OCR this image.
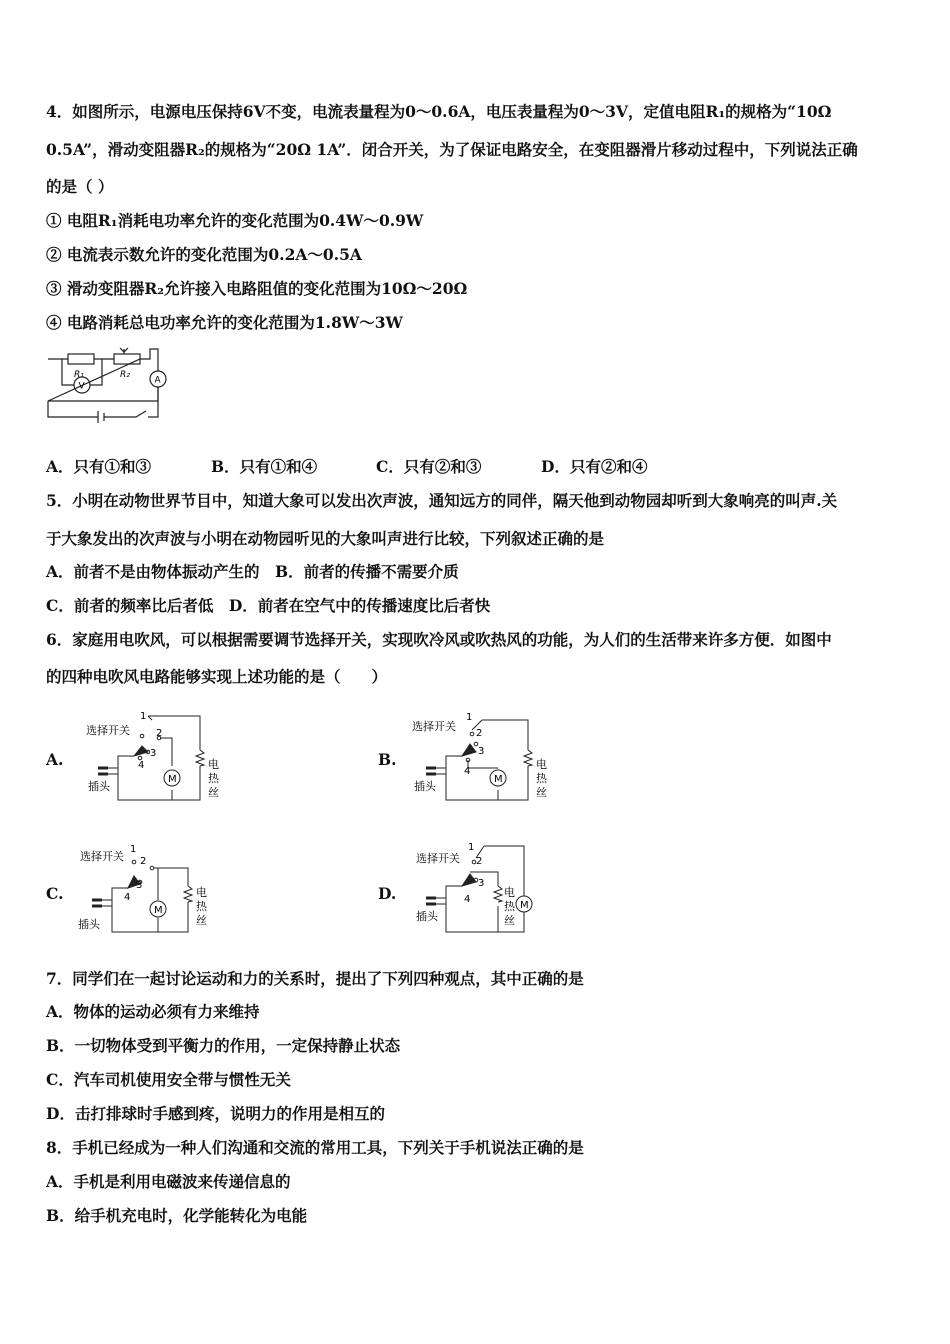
4．如图所示，电源电压保持6V不变，电流表量程为0～0.6A，电压表量程为0～3V，定值电阻R₁的规格为“10Ω
0.5A”，滑动变阻器R₂的规格为“20Ω 1A”．闭合开关，为了保证电路安全，在变阻器滑片移动过程中，下列说法正确
的是（ ）
① 电阻R₁消耗电功率允许的变化范围为0.4W～0.9W
② 电流表示数允许的变化范围为0.2A～0.5A
③ 滑动变阻器R₂允许接入电路阻值的变化范围为10Ω～20Ω
④ 电路消耗总电功率允许的变化范围为1.8W～3W
R₁	R₂
V
A
A．只有①和③	B．只有①和④	C．只有②和③	D．只有②和④
5．小明在动物世界节目中，知道大象可以发出次声波，通知远方的同伴，隔天他到动物园却听到大象响亮的叫声.关
于大象发出的次声波与小明在动物园听见的大象叫声进行比较，下列叙述正确的是
A．前者不是由物体振动产生的　B．前者的传播不需要介质
C．前者的频率比后者低　D．前者在空气中的传播速度比后者快
6．家庭用电吹风，可以根据需要调节选择开关，实现吹冷风或吹热风的功能，为人们的生活带来许多方便．如图中
的四种电吹风电路能够实现上述功能的是（　　）
A.	B.
C.	D.
选择开关
插头
1
2
3
4
M
电
热
丝
选择开关
插头
1
2
3
4
M
电
热
丝
选择开关
插头
1
2
3
4
M
电
热
丝
选择开关
插头
1
2
3
4
M
电
热
丝
7．同学们在一起讨论运动和力的关系时，提出了下列四种观点，其中正确的是
A．物体的运动必须有力来维持
B．一切物体受到平衡力的作用，一定保持静止状态
C．汽车司机使用安全带与惯性无关
D．击打排球时手感到疼，说明力的作用是相互的
8．手机已经成为一种人们沟通和交流的常用工具，下列关于手机说法正确的是
A．手机是利用电磁波来传递信息的
B．给手机充电时，化学能转化为电能
